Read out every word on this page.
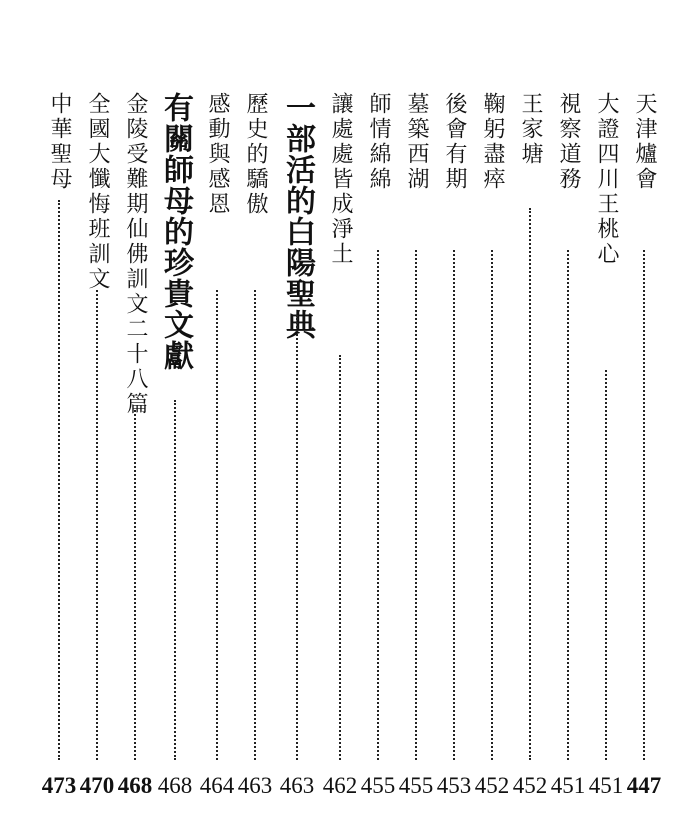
天津爐會
447
大證四川王桃心
451
視察道務
451
王家塘
452
鞠躬盡瘁
452
後會有期
453
墓築西湖
455
師情綿綿
455
讓處處皆成淨土
462
一部活的白陽聖典
463
歷史的驕傲
463
感動與感恩
464
有關師母的珍貴文獻
468
金陵受難期仙佛訓文二十八篇
468
全國大懺悔班訓文
470
中華聖母
473
